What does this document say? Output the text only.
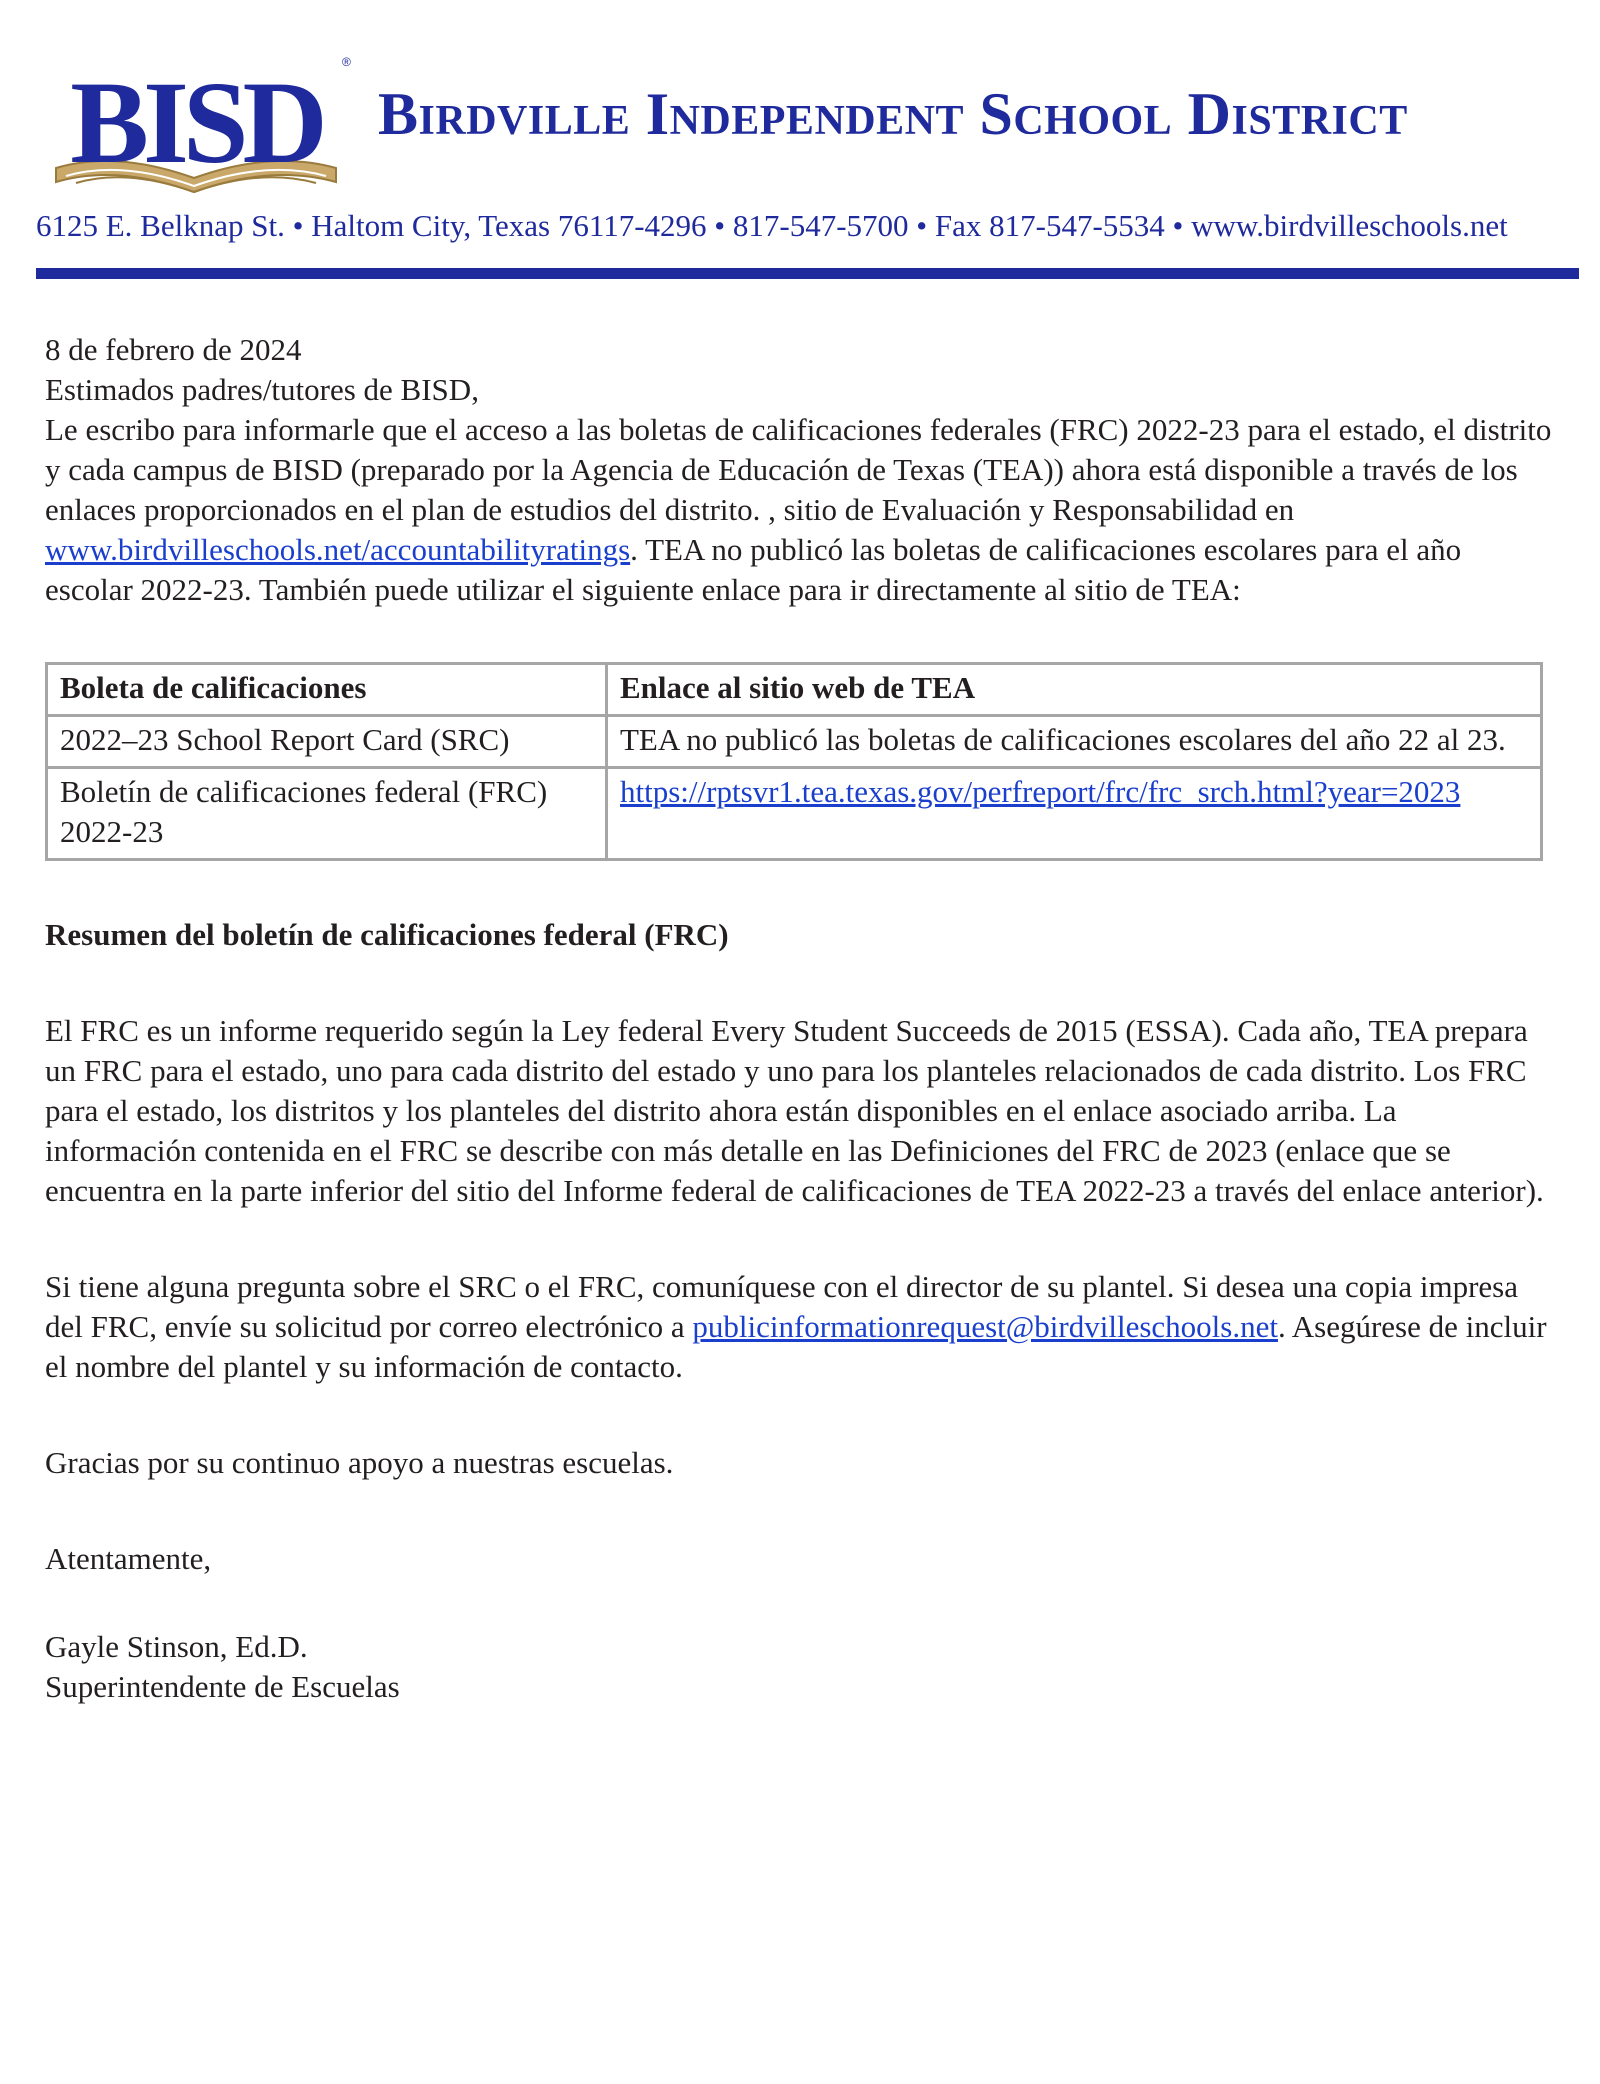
BISD ®
Birdville Independent School District
6125 E. Belknap St. • Haltom City, Texas 76117-4296 • 817-547-5700 • Fax 817-547-5534 • www.birdvilleschools.net

8 de febrero de 2024

Estimados padres/tutores de BISD,

Le escribo para informarle que el acceso a las boletas de calificaciones federales (FRC) 2022-23 para el estado, el distrito y cada campus de BISD (preparado por la Agencia de Educación de Texas (TEA)) ahora está disponible a través de los enlaces proporcionados en el plan de estudios del distrito. , sitio de Evaluación y Responsabilidad en www.birdvilleschools.net/accountabilityratings. TEA no publicó las boletas de calificaciones escolares para el año escolar 2022-23. También puede utilizar el siguiente enlace para ir directamente al sitio de TEA:

Boleta de calificaciones	Enlace al sitio web de TEA
2022–23 School Report Card (SRC)	TEA no publicó las boletas de calificaciones escolares del año 22 al 23.
Boletín de calificaciones federal (FRC) 2022-23	https://rptsvr1.tea.texas.gov/perfreport/frc/frc_srch.html?year=2023

Resumen del boletín de calificaciones federal (FRC)

El FRC es un informe requerido según la Ley federal Every Student Succeeds de 2015 (ESSA). Cada año, TEA prepara un FRC para el estado, uno para cada distrito del estado y uno para los planteles relacionados de cada distrito. Los FRC para el estado, los distritos y los planteles del distrito ahora están disponibles en el enlace asociado arriba. La información contenida en el FRC se describe con más detalle en las Definiciones del FRC de 2023 (enlace que se encuentra en la parte inferior del sitio del Informe federal de calificaciones de TEA 2022-23 a través del enlace anterior).

Si tiene alguna pregunta sobre el SRC o el FRC, comuníquese con el director de su plantel. Si desea una copia impresa del FRC, envíe su solicitud por correo electrónico a publicinformationrequest@birdvilleschools.net. Asegúrese de incluir el nombre del plantel y su información de contacto.

Gracias por su continuo apoyo a nuestras escuelas.

Atentamente,

Gayle Stinson, Ed.D.

Superintendente de Escuelas
